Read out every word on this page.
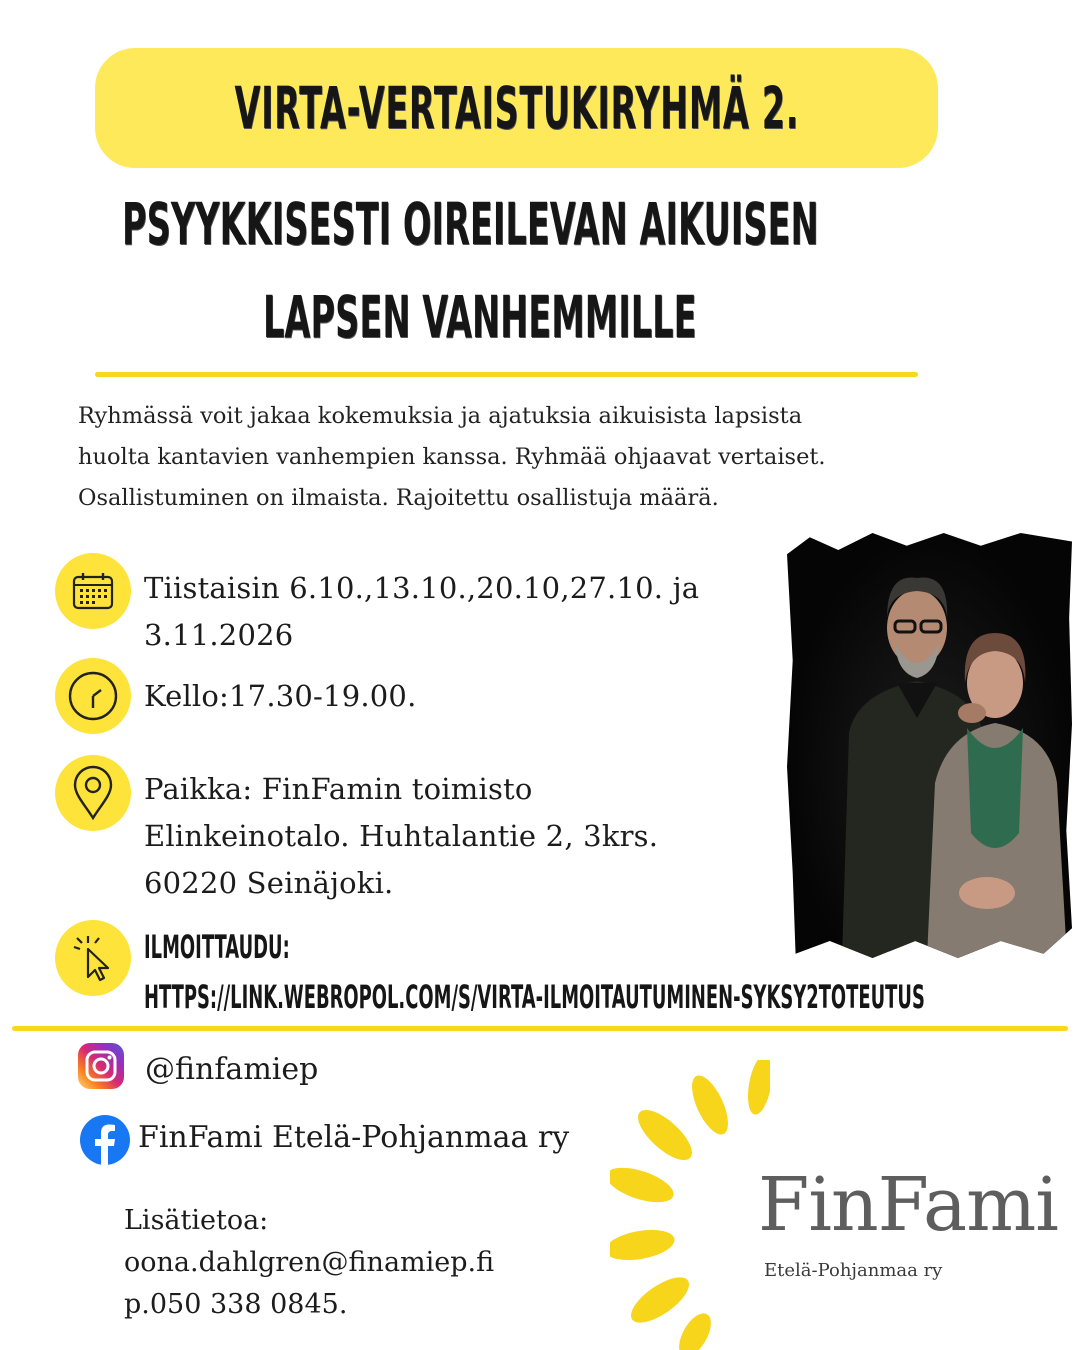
VIRTA-VERTAISTUKIRYHMÄ 2.
PSYYKKISESTI OIREILEVAN AIKUISEN
LAPSEN VANHEMMILLE
Ryhmässä voit jakaa kokemuksia ja ajatuksia aikuisista lapsista
huolta kantavien vanhempien kanssa. Ryhmää ohjaavat vertaiset.
Osallistuminen on ilmaista. Rajoitettu osallistuja määrä.
Tiistaisin 6.10.,13.10.,20.10,27.10. ja
3.11.2026
Kello:17.30-19.00.
Paikka: FinFamin toimisto
Elinkeinotalo. Huhtalantie 2, 3krs.
60220 Seinäjoki.
ILMOITTAUDU:
HTTPS://LINK.WEBROPOL.COM/S/VIRTA-ILMOITAUTUMINEN-SYKSY2TOTEUTUS
@finfamiep
FinFami Etelä-Pohjanmaa ry
Lisätietoa:
oona.dahlgren@finamiep.fi
p.050 338 0845.
FinFami
Etelä-Pohjanmaa ry
